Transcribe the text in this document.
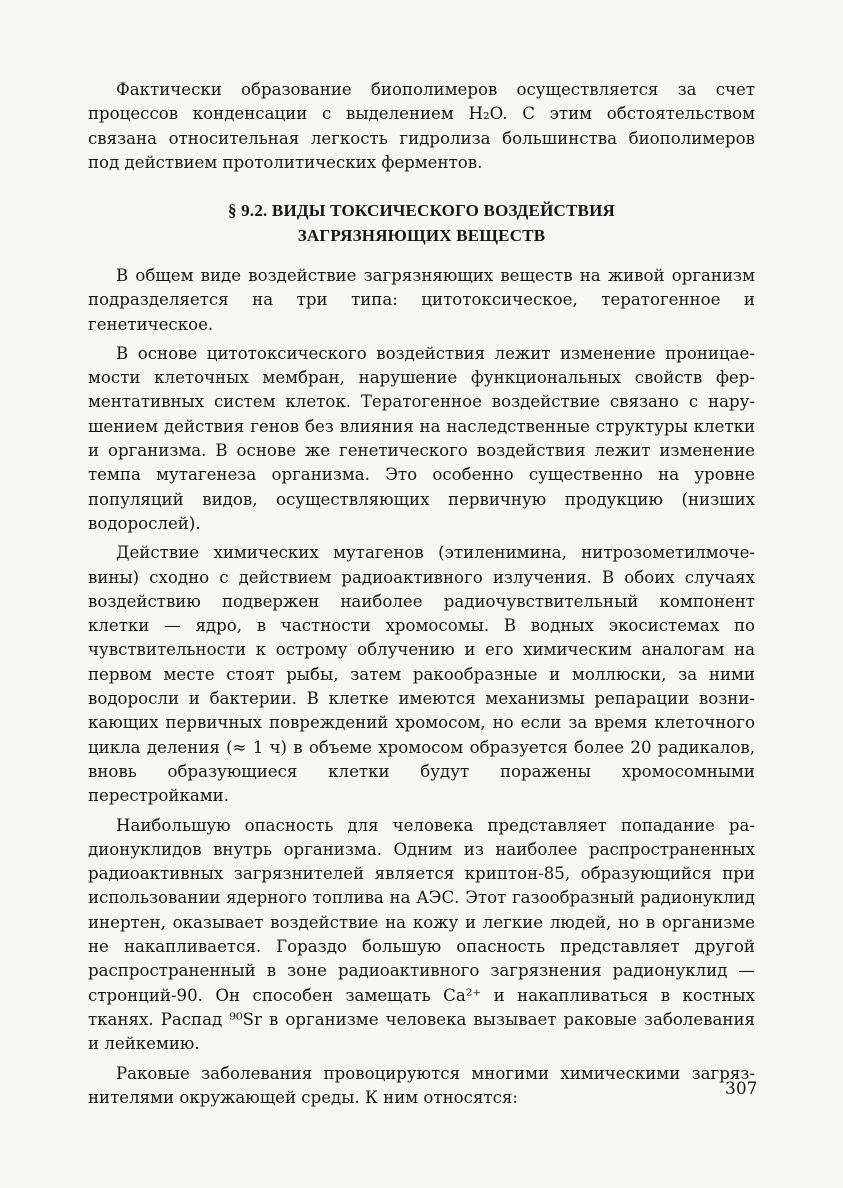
Фактически образование биополимеров осуществляется за счет процессов конденсации с выделением H₂O. С этим обстоятельством связана относительная легкость гидролиза большинства биополимеров под действием протолитических ферментов.

§ 9.2. ВИДЫ ТОКСИЧЕСКОГО ВОЗДЕЙСТВИЯ
ЗАГРЯЗНЯЮЩИХ ВЕЩЕСТВ

В общем виде воздействие загрязняющих веществ на живой организм подразделяется на три типа: цитотоксическое, тератогенное и генетическое.

В основе цитотоксического воздействия лежит изменение проницаемости клеточных мембран, нарушение функциональных свойств ферментативных систем клеток. Тератогенное воздействие связано с нарушением действия генов без влияния на наследственные структуры клетки и организма. В основе же генетического воздействия лежит изменение темпа мутагенеза организма. Это особенно существенно на уровне популяций видов, осуществляющих первичную продукцию (низших водорослей).

Действие химических мутагенов (этиленимина, нитрозометилмочевины) сходно с действием радиоактивного излучения. В обоих случаях воздействию подвержен наиболее радиочувствительный компонент клетки — ядро, в частности хромосомы. В водных экосистемах по чувствительности к острому облучению и его химическим аналогам на первом месте стоят рыбы, затем ракообразные и моллюски, за ними водоросли и бактерии. В клетке имеются механизмы репарации возникающих первичных повреждений хромосом, но если за время клеточного цикла деления (≈ 1 ч) в объеме хромосом образуется более 20 радикалов, вновь образующиеся клетки будут поражены хромосомными перестройками.

Наибольшую опасность для человека представляет попадание радионуклидов внутрь организма. Одним из наиболее распространенных радиоактивных загрязнителей является криптон-85, образующийся при использовании ядерного топлива на АЭС. Этот газообразный радионуклид инертен, оказывает воздействие на кожу и легкие людей, но в организме не накапливается. Гораздо большую опасность представляет другой распространенный в зоне радиоактивного загрязнения радионуклид — стронций-90. Он способен замещать Ca²⁺ и накапливаться в костных тканях. Распад ⁹⁰Sr в организме человека вызывает раковые заболевания и лейкемию.

Раковые заболевания провоцируются многими химическими загрязнителями окружающей среды. К ним относятся:	307
